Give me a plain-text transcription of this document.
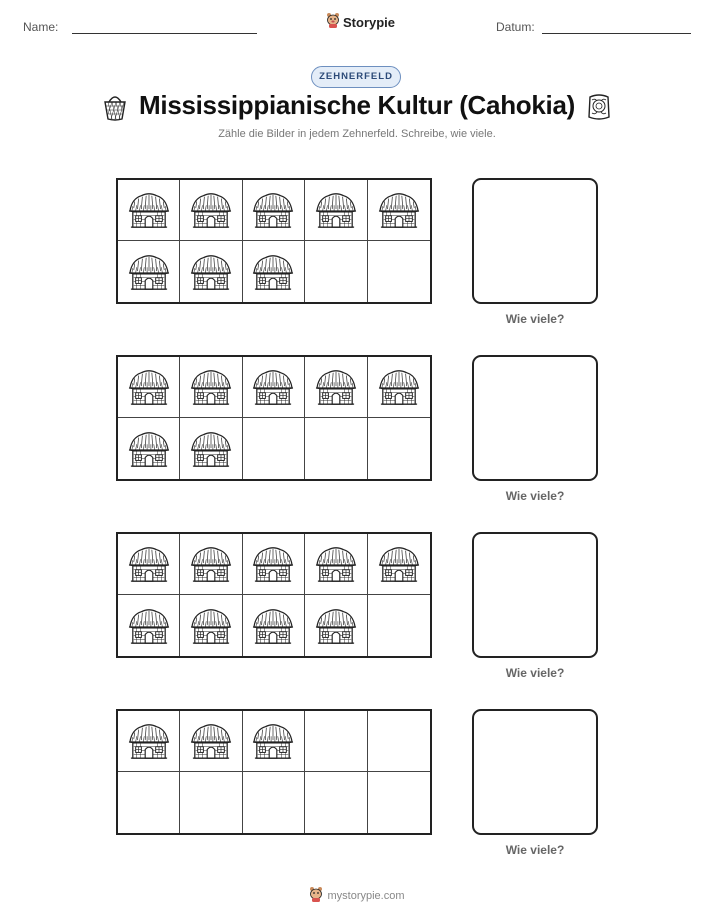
Name:	Storypie	Datum:
ZEHNERFELD
Mississippianische Kultur (Cahokia)
Zähle die Bilder in jedem Zehnerfeld. Schreibe, wie viele.
Wie viele?
Wie viele?
Wie viele?
Wie viele?
mystorypie.com
